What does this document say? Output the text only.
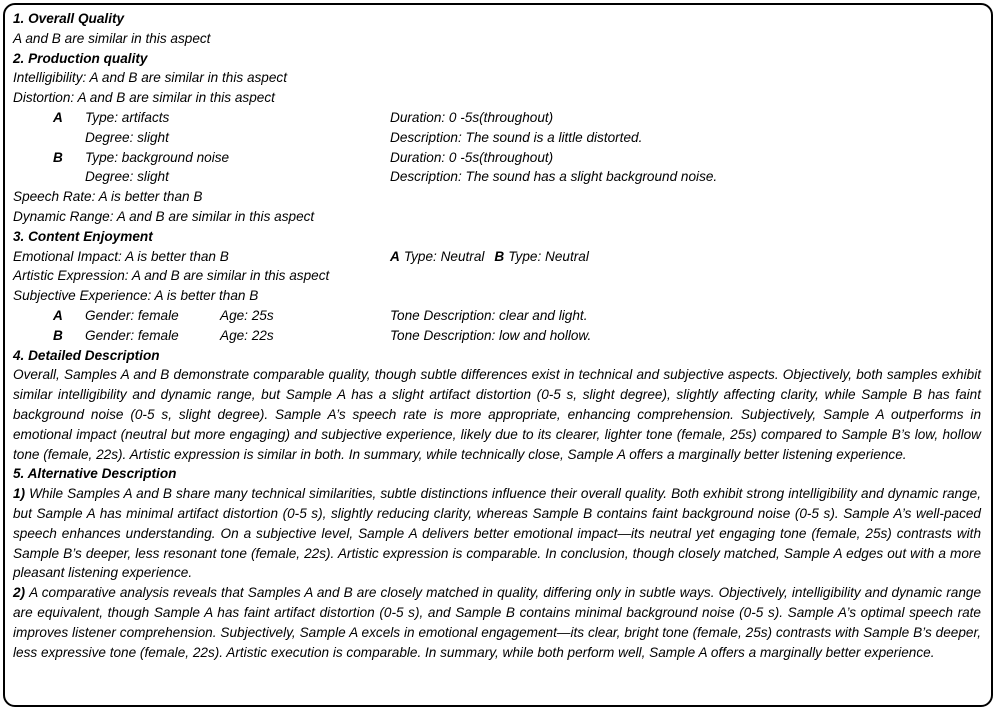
1. Overall Quality
A and B are similar in this aspect
2. Production quality
Intelligibility: A and B are similar in this aspect
Distortion: A and B are similar in this aspect
A	Type: artifacts	Duration: 0 -5s(throughout)
Degree: slight	Description: The sound is a little distorted.
B	Type: background noise	Duration: 0 -5s(throughout)
Degree: slight	Description: The sound has a slight background noise.
Speech Rate: A is better than B
Dynamic Range: A and B are similar in this aspect
3. Content Enjoyment
Emotional Impact: A is better than B	A Type: Neutral B Type: Neutral
Artistic Expression: A and B are similar in this aspect
Subjective Experience: A is better than B
A	Gender: female	Age: 25s	Tone Description: clear and light.
B	Gender: female	Age: 22s	Tone Description: low and hollow.
4. Detailed Description
Overall, Samples A and B demonstrate comparable quality, though subtle differences exist in technical and subjective aspects. Objectively, both samples exhibit similar intelligibility and dynamic range, but Sample A has a slight artifact distortion (0-5 s, slight degree), slightly affecting clarity, while Sample B has faint background noise (0-5 s, slight degree). Sample A’s speech rate is more appropriate, enhancing comprehension. Subjectively, Sample A outperforms in emotional impact (neutral but more engaging) and subjective experience, likely due to its clearer, lighter tone (female, 25s) compared to Sample B’s low, hollow tone (female, 22s). Artistic expression is similar in both. In summary, while technically close, Sample A offers a marginally better listening experience.
5. Alternative Description
1) While Samples A and B share many technical similarities, subtle distinctions influence their overall quality. Both exhibit strong intelligibility and dynamic range, but Sample A has minimal artifact distortion (0-5 s), slightly reducing clarity, whereas Sample B contains faint background noise (0-5 s). Sample A’s well-paced speech enhances understanding. On a subjective level, Sample A delivers better emotional impact—its neutral yet engaging tone (female, 25s) contrasts with Sample B’s deeper, less resonant tone (female, 22s). Artistic expression is comparable. In conclusion, though closely matched, Sample A edges out with a more pleasant listening experience.
2) A comparative analysis reveals that Samples A and B are closely matched in quality, differing only in subtle ways. Objectively, intelligibility and dynamic range are equivalent, though Sample A has faint artifact distortion (0-5 s), and Sample B contains minimal background noise (0-5 s). Sample A’s optimal speech rate improves listener comprehension. Subjectively, Sample A excels in emotional engagement—its clear, bright tone (female, 25s) contrasts with Sample B’s deeper, less expressive tone (female, 22s). Artistic execution is comparable. In summary, while both perform well, Sample A offers a marginally better experience.
